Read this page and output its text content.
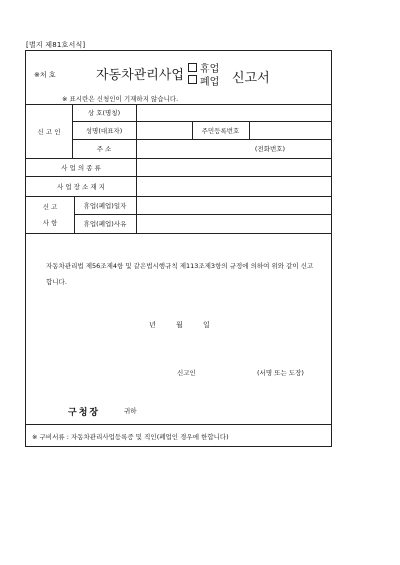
[별지 제81호서식]
※처 호	자동차관리사업 휴업
폐업 신고서
※ 표시란은 신청인이 기재하지 않습니다.
신 고 인
상 호(명칭)
성명(대표자)	주민등록번호
주 소	(전화번호)
사 업 의 종 류
사 업 장 소 재 지
신 고
사 항
휴업(폐업)일자
휴업(폐업)사유
자동차관리법 제56조제4항 및 같은법시행규칙 제113조제3항의 규정에 의하여 위와 같이 신고합니다.
년 월 일
신고인	(서명 또는 도장)
구청장	귀하
※ 구비서류 : 자동차관리사업등록증 및 직인(폐업인 경우에 한합니다)
